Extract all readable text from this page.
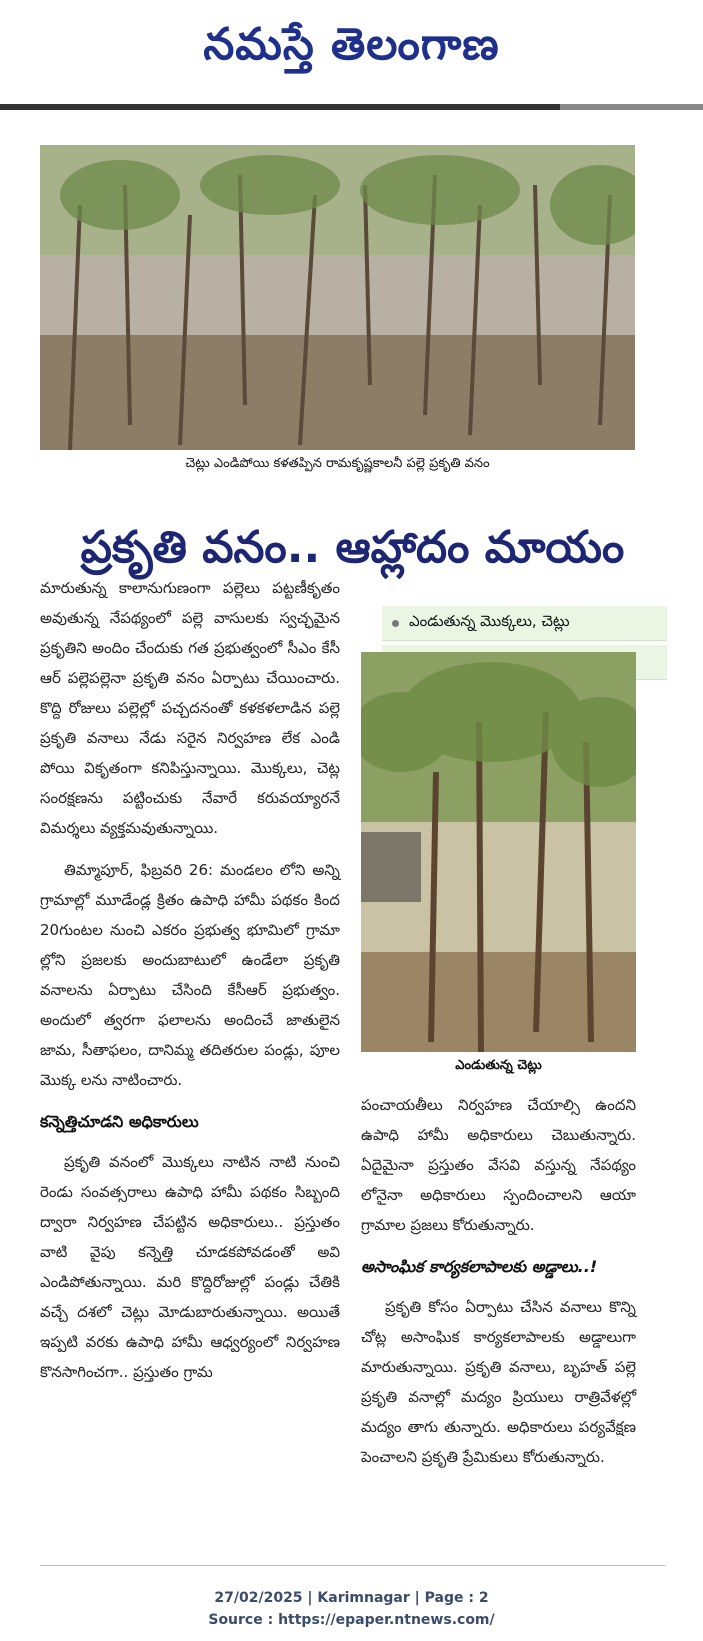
నమస్తే తెలంగాణ
చెట్లు ఎండిపోయి కళతప్పిన రామకృష్ణకాలనీ పల్లె ప్రకృతి వనం
ప్రకృతి వనం.. ఆహ్లాదం మాయం
ఎండుతున్న మొక్కలు, చెట్లు
ఎండుతున్న చెట్లు

మారుతున్న కాలానుగుణంగా పల్లెలు పట్టణీకృతం అవుతున్న నేపథ్యంలో పల్లె వాసులకు స్వచ్ఛమైన ప్రకృతిని అందిం చేందుకు గత ప్రభుత్వంలో సీఎం కేసీ ఆర్ పల్లెపల్లెనా ప్రకృతి వనం ఏర్పాటు చేయించారు. కొద్ది రోజులు పల్లెల్లో పచ్చదనంతో కళకళలాడిన పల్లె ప్రకృతి వనాలు నేడు సరైన నిర్వహణ లేక ఎండి పోయి వికృతంగా కనిపిస్తున్నాయి. మొక్కలు, చెట్ల సంరక్షణను పట్టించుకు నేవారే కరువయ్యారనే విమర్శలు వ్యక్తమవుతున్నాయి.

తిమ్మాపూర్, ఫిబ్రవరి 26: మండలం లోని అన్ని గ్రామాల్లో మూడేండ్ల క్రితం ఉపాధి హామీ పథకం కింద 20గుంటల నుంచి ఎకరం ప్రభుత్వ భూమిలో గ్రామా ల్లోని ప్రజలకు అందుబాటులో ఉండేలా ప్రకృతి వనాలను ఏర్పాటు చేసింది కేసీఆర్ ప్రభుత్వం. అందులో త్వరగా ఫలాలను అందించే జాతులైన జామ, సీతాఫలం, దానిమ్మ తదితరుల పండ్లు, పూల మొక్క లను నాటించారు.

కన్నెత్తిచూడని అధికారులు

ప్రకృతి వనంలో మొక్కలు నాటిన నాటి నుంచి రెండు సంవత్సరాలు ఉపాధి హామీ పథకం సిబ్బంది ద్వారా నిర్వహణ చేపట్టిన అధికారులు.. ప్రస్తుతం వాటి వైపు కన్నెత్తి చూడకపోవడంతో అవి ఎండిపోతున్నాయి. మరి కొద్దిరోజుల్లో పండ్లు చేతికి వచ్చే దశలో చెట్లు మోడుబారుతున్నాయి. అయితే ఇప్పటి వరకు ఉపాధి హామీ ఆధ్వర్యంలో నిర్వహణ కొనసాగించగా.. ప్రస్తుతం గ్రామ

పంచాయతీలు నిర్వహణ చేయాల్సి ఉందని ఉపాధి హామీ అధికారులు చెబుతున్నారు. ఏదైమైనా ప్రస్తుతం వేసవి వస్తున్న నేపథ్యం లోనైనా అధికారులు స్పందించాలని ఆయా గ్రామాల ప్రజలు కోరుతున్నారు.

అసాంఘిక కార్యకలాపాలకు అడ్డాలు..!

ప్రకృతి కోసం ఏర్పాటు చేసిన వనాలు కొన్ని చోట్ల అసాంఘిక కార్యకలాపాలకు అడ్డాలుగా మారుతున్నాయి. ప్రకృతి వనాలు, బృహత్ పల్లె ప్రకృతి వనాల్లో మద్యం ప్రియులు రాత్రివేళల్లో మద్యం తాగు తున్నారు. అధికారులు పర్యవేక్షణ పెంచాలని ప్రకృతి ప్రేమికులు కోరుతున్నారు.

27/02/2025 | Karimnagar | Page : 2
Source : https://epaper.ntnews.com/
